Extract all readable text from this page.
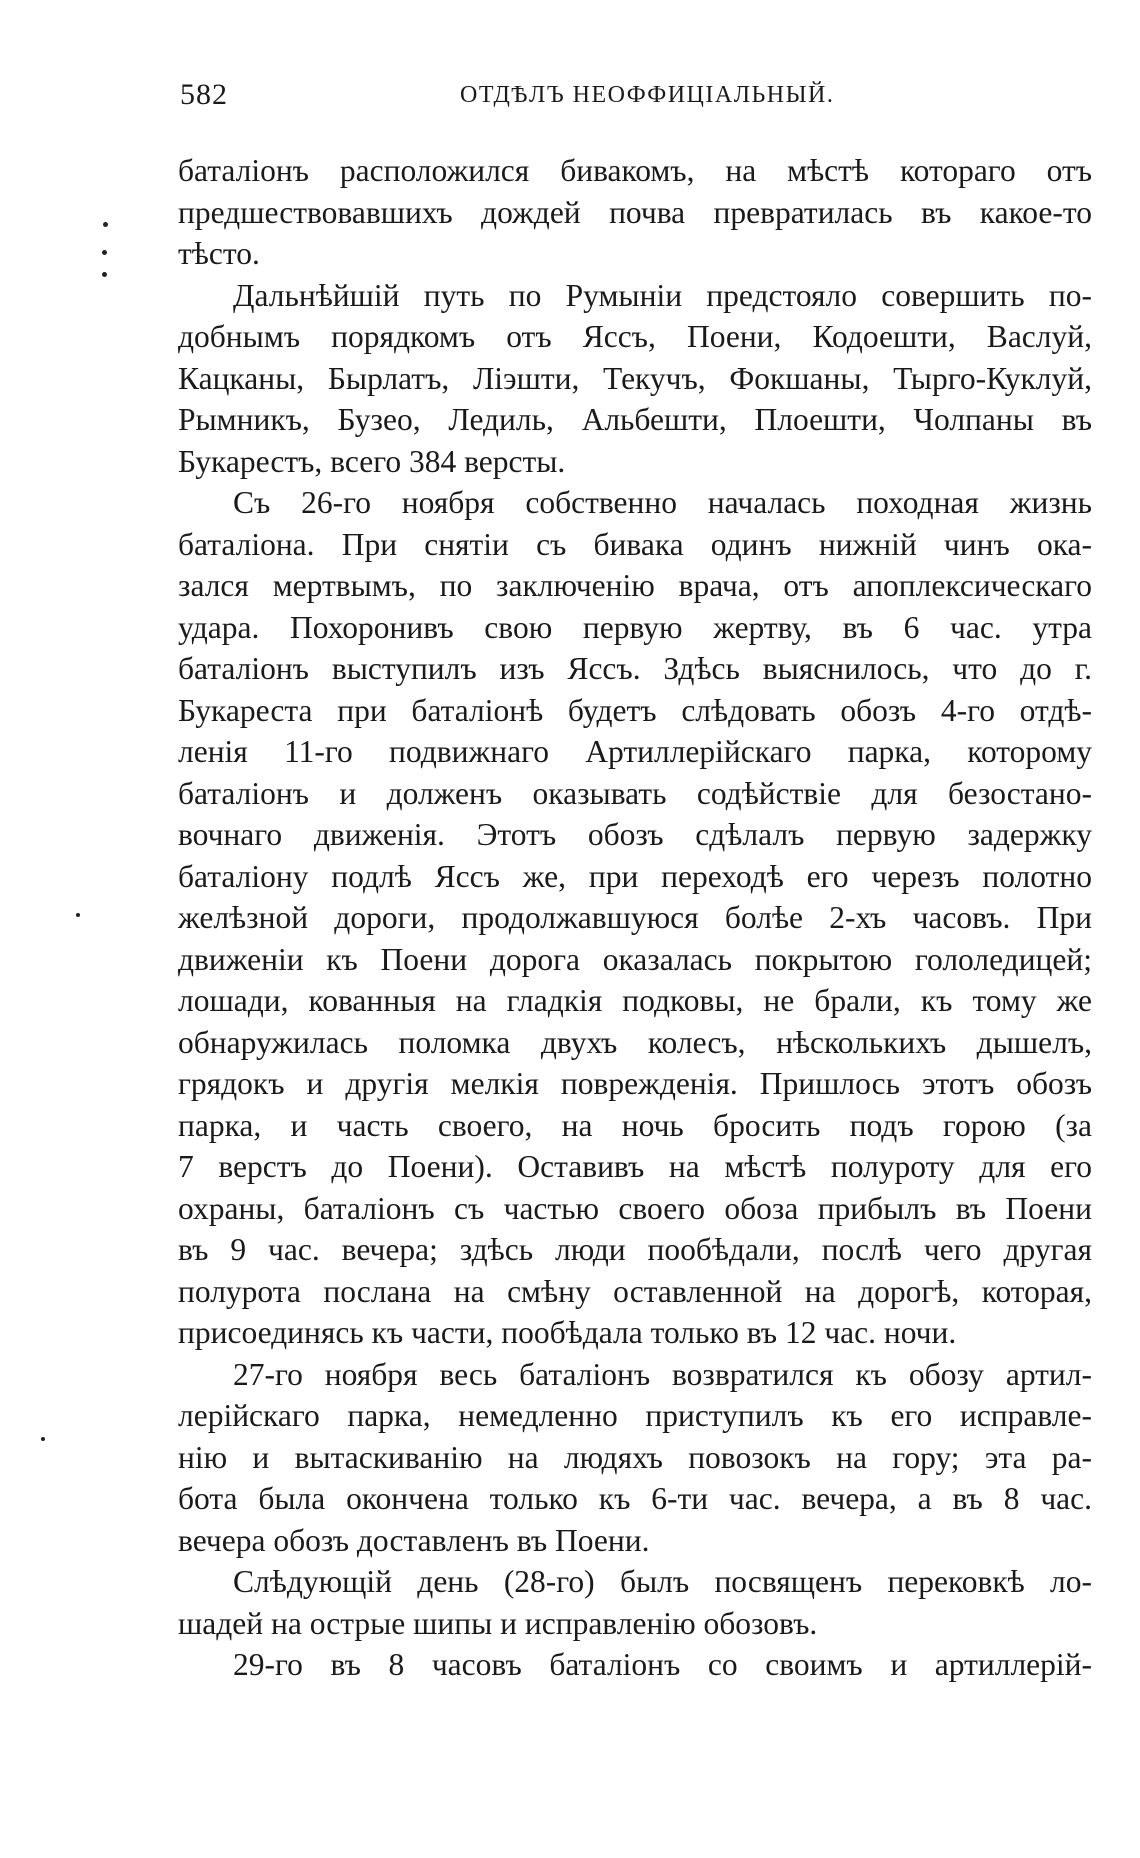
582	ОТДѢЛЪ НЕОФФИЦІАЛЬНЫЙ.
баталіонъ расположился бивакомъ, на мѣстѣ котораго отъ
предшествовавшихъ дождей почва превратилась въ какое-то
тѣсто.
Дальнѣйшій путь по Румыніи предстояло совершить по-
добнымъ порядкомъ отъ Яссъ, Поени, Кодоешти, Васлуй,
Кацканы, Бырлатъ, Ліэшти, Текучъ, Фокшаны, Тырго-Куклуй,
Рымникъ, Бузео, Ледиль, Альбешти, Плоешти, Чолпаны въ
Букарестъ, всего 384 версты.
Съ 26-го ноября собственно началась походная жизнь
баталіона. При снятіи съ бивака одинъ нижній чинъ ока-
зался мертвымъ, по заключенію врача, отъ апоплексическаго
удара. Похоронивъ свою первую жертву, въ 6 час. утра
баталіонъ выступилъ изъ Яссъ. Здѣсь выяснилось, что до г.
Букареста при баталіонѣ будетъ слѣдовать обозъ 4-го отдѣ-
ленія 11-го подвижнаго Артиллерійскаго парка, которому
баталіонъ и долженъ оказывать содѣйствіе для безостано-
вочнаго движенія. Этотъ обозъ сдѣлалъ первую задержку
баталіону подлѣ Яссъ же, при переходѣ его черезъ полотно
желѣзной дороги, продолжавшуюся болѣе 2-хъ часовъ. При
движеніи къ Поени дорога оказалась покрытою гололедицей;
лошади, кованныя на гладкія подковы, не брали, къ тому же
обнаружилась поломка двухъ колесъ, нѣсколькихъ дышелъ,
грядокъ и другія мелкія поврежденія. Пришлось этотъ обозъ
парка, и часть своего, на ночь бросить подъ горою (за
7 верстъ до Поени). Оставивъ на мѣстѣ полуроту для его
охраны, баталіонъ съ частью своего обоза прибылъ въ Поени
въ 9 час. вечера; здѣсь люди пообѣдали, послѣ чего другая
полурота послана на смѣну оставленной на дорогѣ, которая,
присоединясь къ части, пообѣдала только въ 12 час. ночи.
27-го ноября весь баталіонъ возвратился къ обозу артил-
лерійскаго парка, немедленно приступилъ къ его исправле-
нію и вытаскиванію на людяхъ повозокъ на гору; эта ра-
бота была окончена только къ 6-ти час. вечера, а въ 8 час.
вечера обозъ доставленъ въ Поени.
Слѣдующій день (28-го) былъ посвященъ перековкѣ ло-
шадей на острые шипы и исправленію обозовъ.
29-го въ 8 часовъ баталіонъ со своимъ и артиллерій-
